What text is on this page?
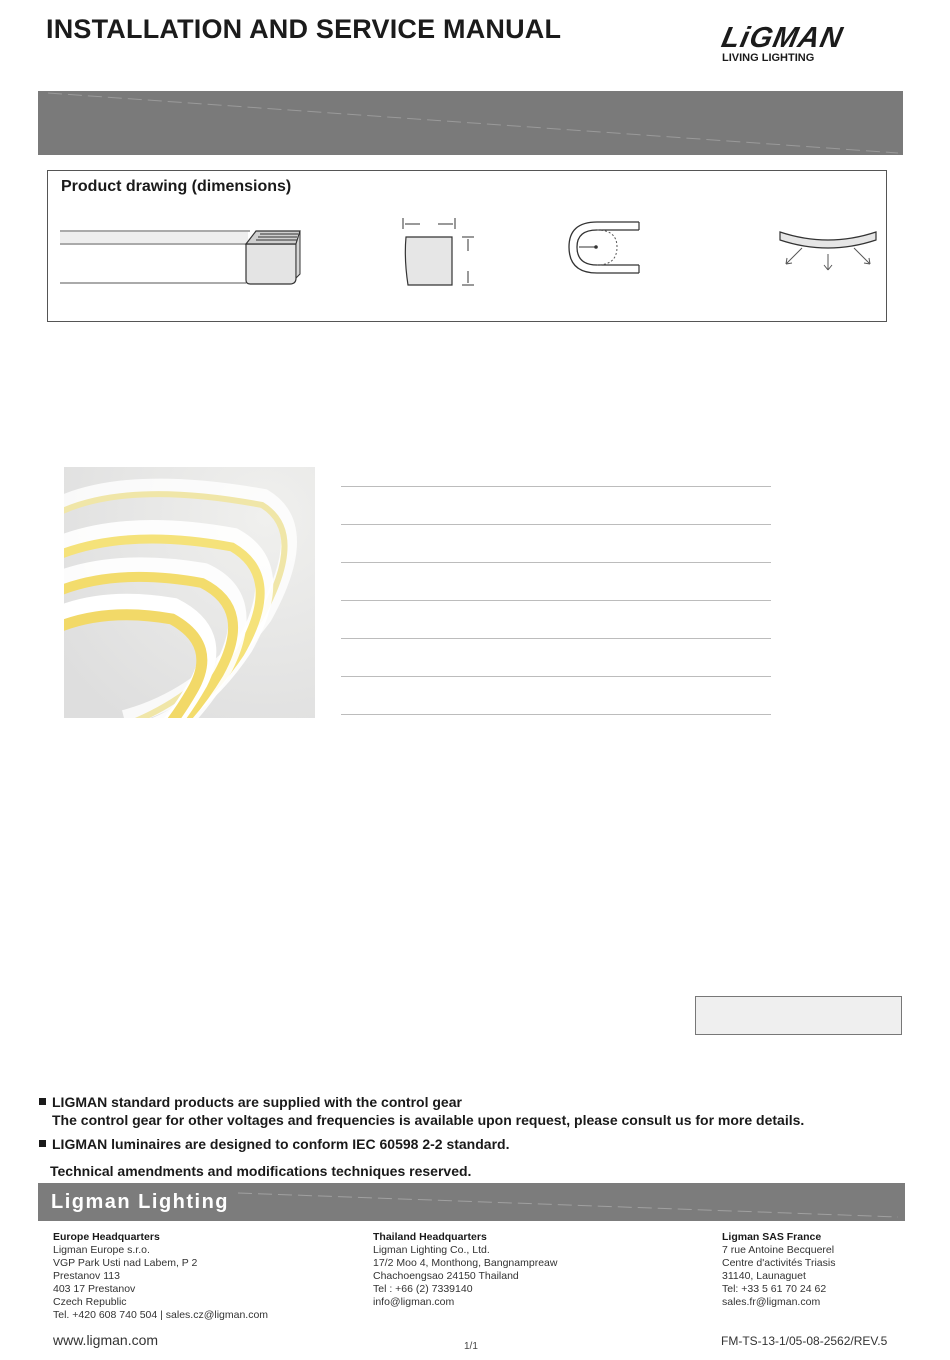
INSTALLATION AND SERVICE MANUAL	LiGMAN
LIVING LIGHTING
Product drawing (dimensions)
LIGMAN standard products are supplied with the control gear
The control gear for other voltages and frequencies is available upon request, please consult us for more details.
LIGMAN luminaires are designed to conform IEC 60598 2-2 standard.
Technical amendments and modifications techniques reserved.
Ligman Lighting
Europe Headquarters
Ligman Europe s.r.o.
VGP Park Usti nad Labem, P 2
Prestanov 113
403 17 Prestanov
Czech Republic
Tel. +420 608 740 504 | sales.cz@ligman.com
Thailand Headquarters
Ligman Lighting Co., Ltd.
17/2 Moo 4, Monthong, Bangnampreaw
Chachoengsao 24150 Thailand
Tel : +66 (2) 7339140
info@ligman.com
Ligman SAS France
7 rue Antoine Becquerel
Centre d'activités Triasis
31140, Launaguet
Tel: +33 5 61 70 24 62
sales.fr@ligman.com
www.ligman.com	1/1	FM-TS-13-1/05-08-2562/REV.5
